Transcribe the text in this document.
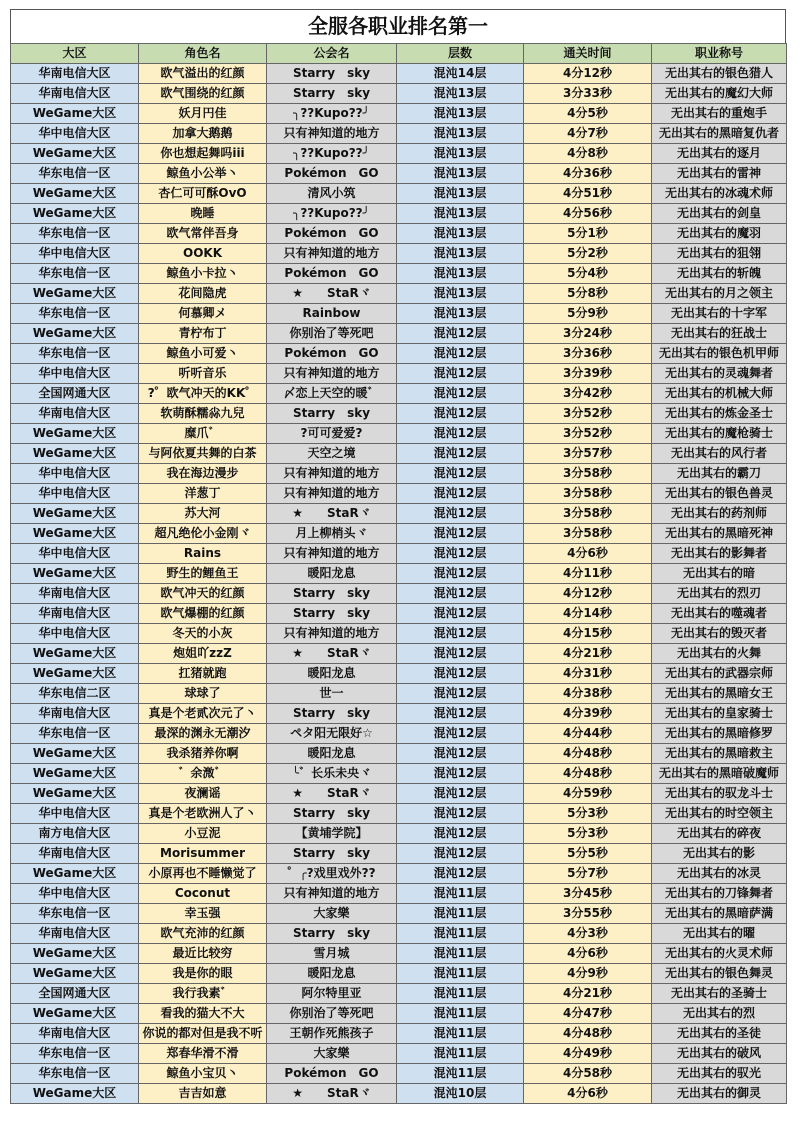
全服各职业排名第一
大区	角色名	公会名	层数	通关时间	职业称号
华南电信大区	欧气溢出的红颜	Starry　sky	混沌14层	4分12秒	无出其右的银色猎人
华南电信大区	欧气围绕的红颜	Starry　sky	混沌13层	3分33秒	无出其右的魔幻大师
WeGame大区	妖月円佳	╮??Kupo??╯	混沌13层	4分5秒	无出其右的重炮手
华中电信大区	加拿大鹅鹅	只有神知道的地方	混沌13层	4分7秒	无出其右的黑暗复仇者
WeGame大区	你也想起舞吗iii	╮??Kupo??╯	混沌13层	4分8秒	无出其右的逐月
华东电信一区	鲸鱼小公举丶	Pokémon　GO	混沌13层	4分36秒	无出其右的雷神
WeGame大区	杏仁可可酥OvO	清风小筑	混沌13层	4分51秒	无出其右的冰魂术师
WeGame大区	晚睡	╮??Kupo??╯	混沌13层	4分56秒	无出其右的剑皇
华东电信一区	欧气常伴吾身	Pokémon　GO	混沌13层	5分1秒	无出其右的魔羽
华中电信大区	OOKK	只有神知道的地方	混沌13层	5分2秒	无出其右的狙翎
华东电信一区	鲸鱼小卡拉丶	Pokémon　GO	混沌13层	5分4秒	无出其右的斩魄
WeGame大区	花间隐虎	★　　StaRヾ	混沌13层	5分8秒	无出其右的月之领主
华东电信一区	何慕卿メ	Rainbow	混沌13层	5分9秒	无出其右的十字军
WeGame大区	青柠布丁	你别治了等死吧	混沌12层	3分24秒	无出其右的狂战士
华东电信一区	鲸鱼小可爱丶	Pokémon　GO	混沌12层	3分36秒	无出其右的银色机甲师
华中电信大区	听听音乐	只有神知道的地方	混沌12层	3分39秒	无出其右的灵魂舞者
全国网通大区	?゜欧气冲天的KK゜	〆恋上天空的暖゛	混沌12层	3分42秒	无出其右的机械大师
华南电信大区	软萌酥糯尛九兒	Starry　sky	混沌12层	3分52秒	无出其右的炼金圣士
WeGame大区	糜爪゛	?可可爱爱?	混沌12层	3分52秒	无出其右的魔枪骑士
WeGame大区	与阿依夏共舞的白茶	天空之境	混沌12层	3分57秒	无出其右的风行者
华中电信大区	我在海边漫步	只有神知道的地方	混沌12层	3分58秒	无出其右的霸刀
华中电信大区	洋葱丁	只有神知道的地方	混沌12层	3分58秒	无出其右的银色兽灵
WeGame大区	苏大河	★　　StaRヾ	混沌12层	3分58秒	无出其右的药剂师
WeGame大区	超凡绝伦小金刚ヾ	月上柳梢头ヾ	混沌12层	3分58秒	无出其右的黑暗死神
华中电信大区	Rains	只有神知道的地方	混沌12层	4分6秒	无出其右的影舞者
WeGame大区	野生的鲤鱼王	暖阳龙息	混沌12层	4分11秒	无出其右的暗
华南电信大区	欧气冲天的红颜	Starry　sky	混沌12层	4分12秒	无出其右的烈刃
华南电信大区	欧气爆棚的红颜	Starry　sky	混沌12层	4分14秒	无出其右的噬魂者
华中电信大区	冬天的小灰	只有神知道的地方	混沌12层	4分15秒	无出其右的毁灭者
WeGame大区	炮姐吖zzZ	★　　StaRヾ	混沌12层	4分21秒	无出其右的火舞
WeGame大区	扛猪就跑	暖阳龙息	混沌12层	4分31秒	无出其右的武器宗师
华东电信二区	球球了	世一	混沌12层	4分38秒	无出其右的黑暗女王
华南电信大区	真是个老贰次元了丶	Starry　sky	混沌12层	4分39秒	无出其右的皇家骑士
华东电信一区	最深的渊永无潮汐	ペタ阳无限好☆	混沌12层	4分44秒	无出其右的黑暗修罗
WeGame大区	我杀猪养你啊	暖阳龙息	混沌12层	4分48秒	无出其右的黑暗救主
WeGame大区	゛余溦゛	╰゛长乐未央ヾ	混沌12层	4分48秒	无出其右的黑暗破魔师
WeGame大区	夜澜谣	★　　StaRヾ	混沌12层	4分59秒	无出其右的驭龙斗士
华中电信大区	真是个老欧洲人了丶	Starry　sky	混沌12层	5分3秒	无出其右的时空领主
南方电信大区	小豆泥	【黄埔学院】	混沌12层	5分3秒	无出其右的碎夜
华南电信大区	Morisummer	Starry　sky	混沌12层	5分5秒	无出其右的影
WeGame大区	小原再也不睡懒觉了	゜╭?戏里戏外??	混沌12层	5分7秒	无出其右的冰灵
华中电信大区	Coconut	只有神知道的地方	混沌11层	3分45秒	无出其右的刀锋舞者
华东电信一区	幸玉强	大家樂	混沌11层	3分55秒	无出其右的黑暗萨满
华南电信大区	欧气充沛的红颜	Starry　sky	混沌11层	4分3秒	无出其右的曜
WeGame大区	最近比较穷	雪月城	混沌11层	4分6秒	无出其右的火灵术师
WeGame大区	我是你的眼	暖阳龙息	混沌11层	4分9秒	无出其右的银色舞灵
全国网通大区	我行我素゛	阿尔特里亚	混沌11层	4分21秒	无出其右的圣骑士
WeGame大区	看我的猫大不大	你别治了等死吧	混沌11层	4分47秒	无出其右的烈
华南电信大区	你说的都对但是我不听	王朝作死熊孩子	混沌11层	4分48秒	无出其右的圣徒
华东电信一区	郑春华滑不滑	大家樂	混沌11层	4分49秒	无出其右的破风
华东电信一区	鲸鱼小宝贝丶	Pokémon　GO	混沌11层	4分58秒	无出其右的驭光
WeGame大区	吉吉如意	★　　StaRヾ	混沌10层	4分6秒	无出其右的御灵
